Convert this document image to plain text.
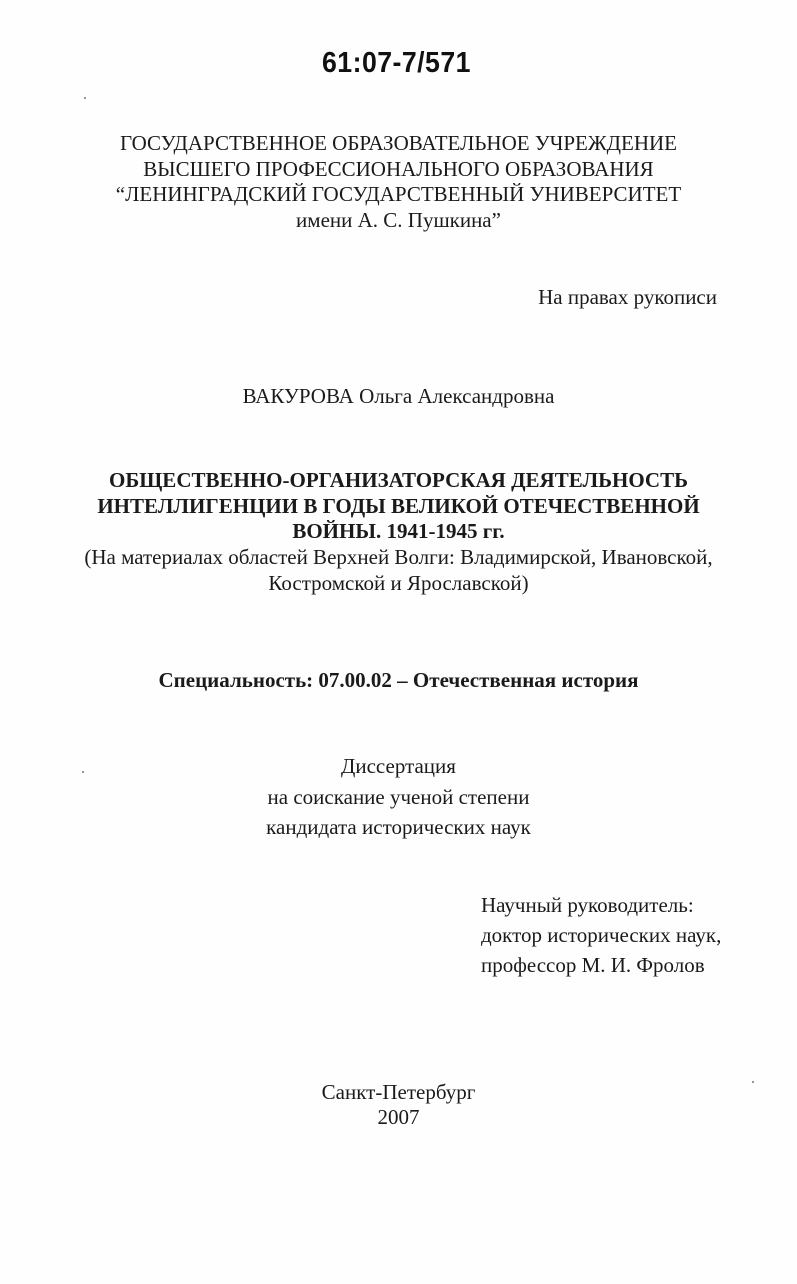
61:07-7/571
ГОСУДАРСТВЕННОЕ ОБРАЗОВАТЕЛЬНОЕ УЧРЕЖДЕНИЕ
ВЫСШЕГО ПРОФЕССИОНАЛЬНОГО ОБРАЗОВАНИЯ
“ЛЕНИНГРАДСКИЙ ГОСУДАРСТВЕННЫЙ УНИВЕРСИТЕТ
имени А. С. Пушкина”
На правах рукописи
ВАКУРОВА Ольга Александровна
ОБЩЕСТВЕННО-ОРГАНИЗАТОРСКАЯ ДЕЯТЕЛЬНОСТЬ
ИНТЕЛЛИГЕНЦИИ В ГОДЫ ВЕЛИКОЙ ОТЕЧЕСТВЕННОЙ
ВОЙНЫ. 1941-1945 гг.
(На материалах областей Верхней Волги: Владимирской, Ивановской,
Костромской и Ярославской)
Специальность: 07.00.02 – Отечественная история
Диссертация
на соискание ученой степени
кандидата исторических наук
Научный руководитель:
доктор исторических наук,
профессор М. И. Фролов
Санкт-Петербург
2007
